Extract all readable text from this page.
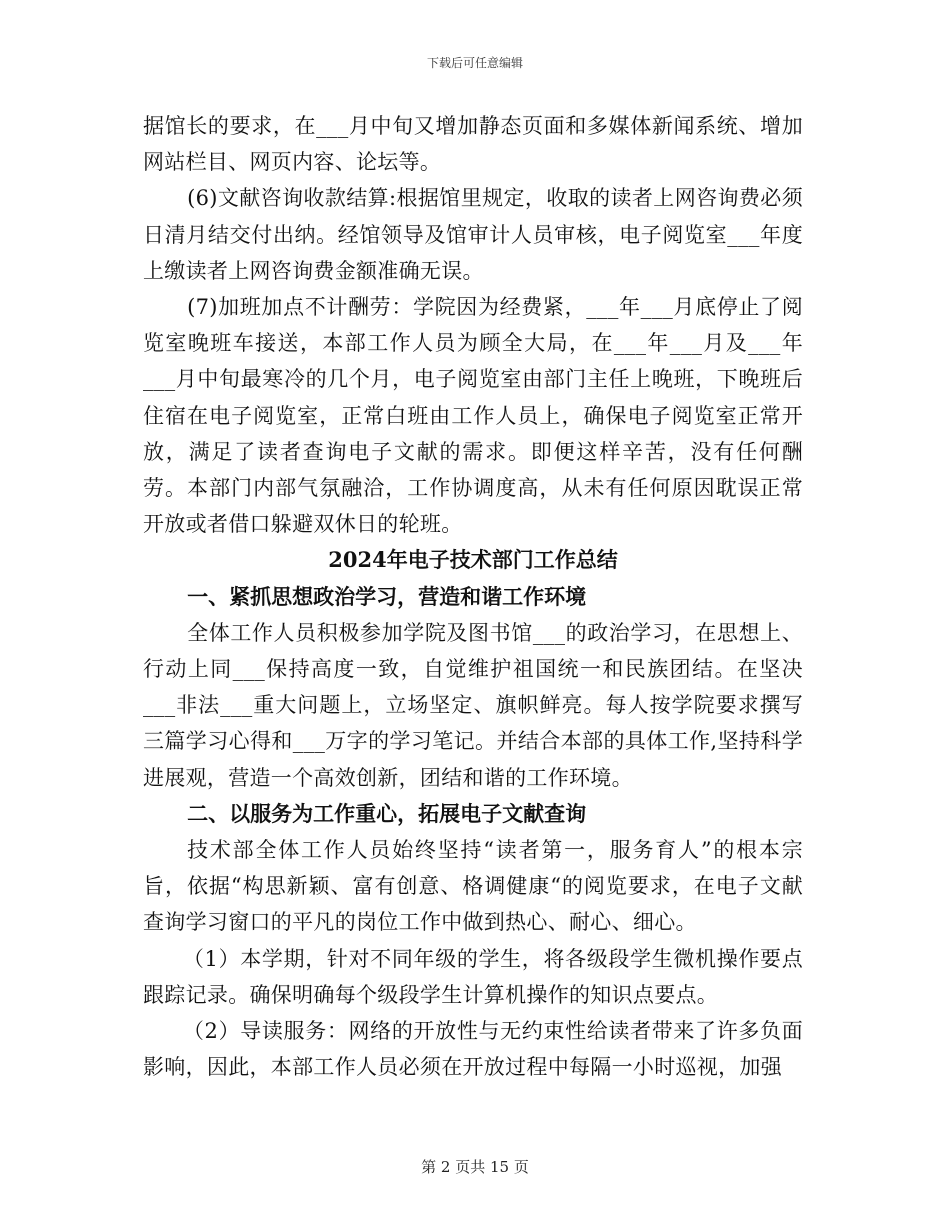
下载后可任意编辑

据馆长的要求，在___月中旬又增加静态页面和多媒体新闻系统、增加网站栏目、网页内容、论坛等。

(6)文献咨询收款结算:根据馆里规定，收取的读者上网咨询费必须日清月结交付出纳。经馆领导及馆审计人员审核，电子阅览室___年度上缴读者上网咨询费金额准确无误。

(7)加班加点不计酬劳：学院因为经费紧，___年___月底停止了阅览室晚班车接送，本部工作人员为顾全大局，在___年___月及___年___月中旬最寒冷的几个月，电子阅览室由部门主任上晚班，下晚班后住宿在电子阅览室，正常白班由工作人员上，确保电子阅览室正常开放，满足了读者查询电子文献的需求。即便这样辛苦，没有任何酬劳。本部门内部气氛融洽，工作协调度高，从未有任何原因耽误正常开放或者借口躲避双休日的轮班。

2024年电子技术部门工作总结

一、紧抓思想政治学习，营造和谐工作环境

全体工作人员积极参加学院及图书馆___的政治学习，在思想上、行动上同___保持高度一致，自觉维护祖国统一和民族团结。在坚决___非法___重大问题上，立场坚定、旗帜鲜亮。每人按学院要求撰写三篇学习心得和___万字的学习笔记。并结合本部的具体工作,坚持科学进展观，营造一个高效创新，团结和谐的工作环境。

二、以服务为工作重心，拓展电子文献查询

技术部全体工作人员始终坚持“读者第一，服务育人”的根本宗旨，依据“构思新颖、富有创意、格调健康“的阅览要求，在电子文献查询学习窗口的平凡的岗位工作中做到热心、耐心、细心。

（1）本学期，针对不同年级的学生，将各级段学生微机操作要点跟踪记录。确保明确每个级段学生计算机操作的知识点要点。

（2）导读服务：网络的开放性与无约束性给读者带来了许多负面影响，因此，本部工作人员必须在开放过程中每隔一小时巡视，加强

第 2 页共 15 页
